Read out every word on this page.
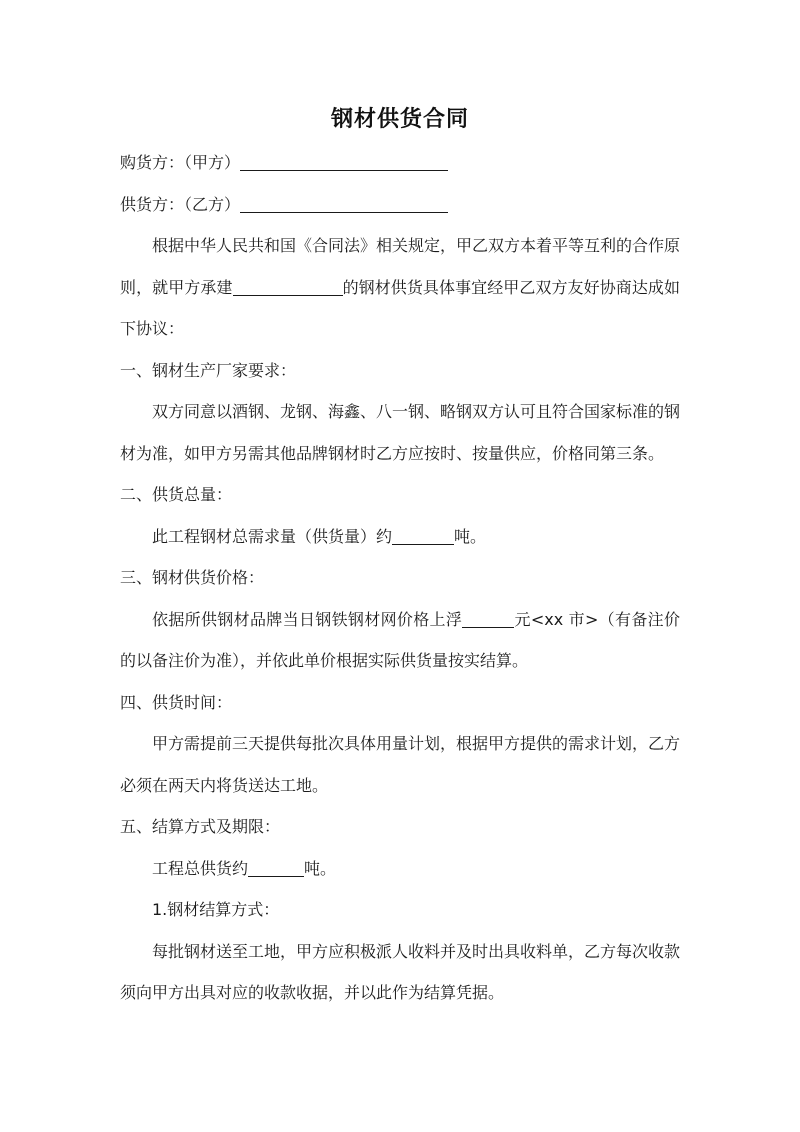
钢材供货合同
购货方：（甲方）
供货方：（乙方）
根据中华人民共和国《合同法》相关规定，甲乙双方本着平等互利的合作原则，就甲方承建	的钢材供货具体事宜经甲乙双方友好协商达成如下协议：
一、钢材生产厂家要求：
双方同意以酒钢、龙钢、海鑫、八一钢、略钢双方认可且符合国家标准的钢材为准，如甲方另需其他品牌钢材时乙方应按时、按量供应，价格同第三条。
二、供货总量：
此工程钢材总需求量（供货量）约	吨。
三、钢材供货价格：
依据所供钢材品牌当日钢铁钢材网价格上浮	元<xx 市>（有备注价的以备注价为准），并依此单价根据实际供货量按实结算。
四、供货时间：
甲方需提前三天提供每批次具体用量计划，根据甲方提供的需求计划，乙方必须在两天内将货送达工地。
五、结算方式及期限：
工程总供货约	吨。
1.钢材结算方式：
每批钢材送至工地，甲方应积极派人收料并及时出具收料单，乙方每次收款须向甲方出具对应的收款收据，并以此作为结算凭据。
